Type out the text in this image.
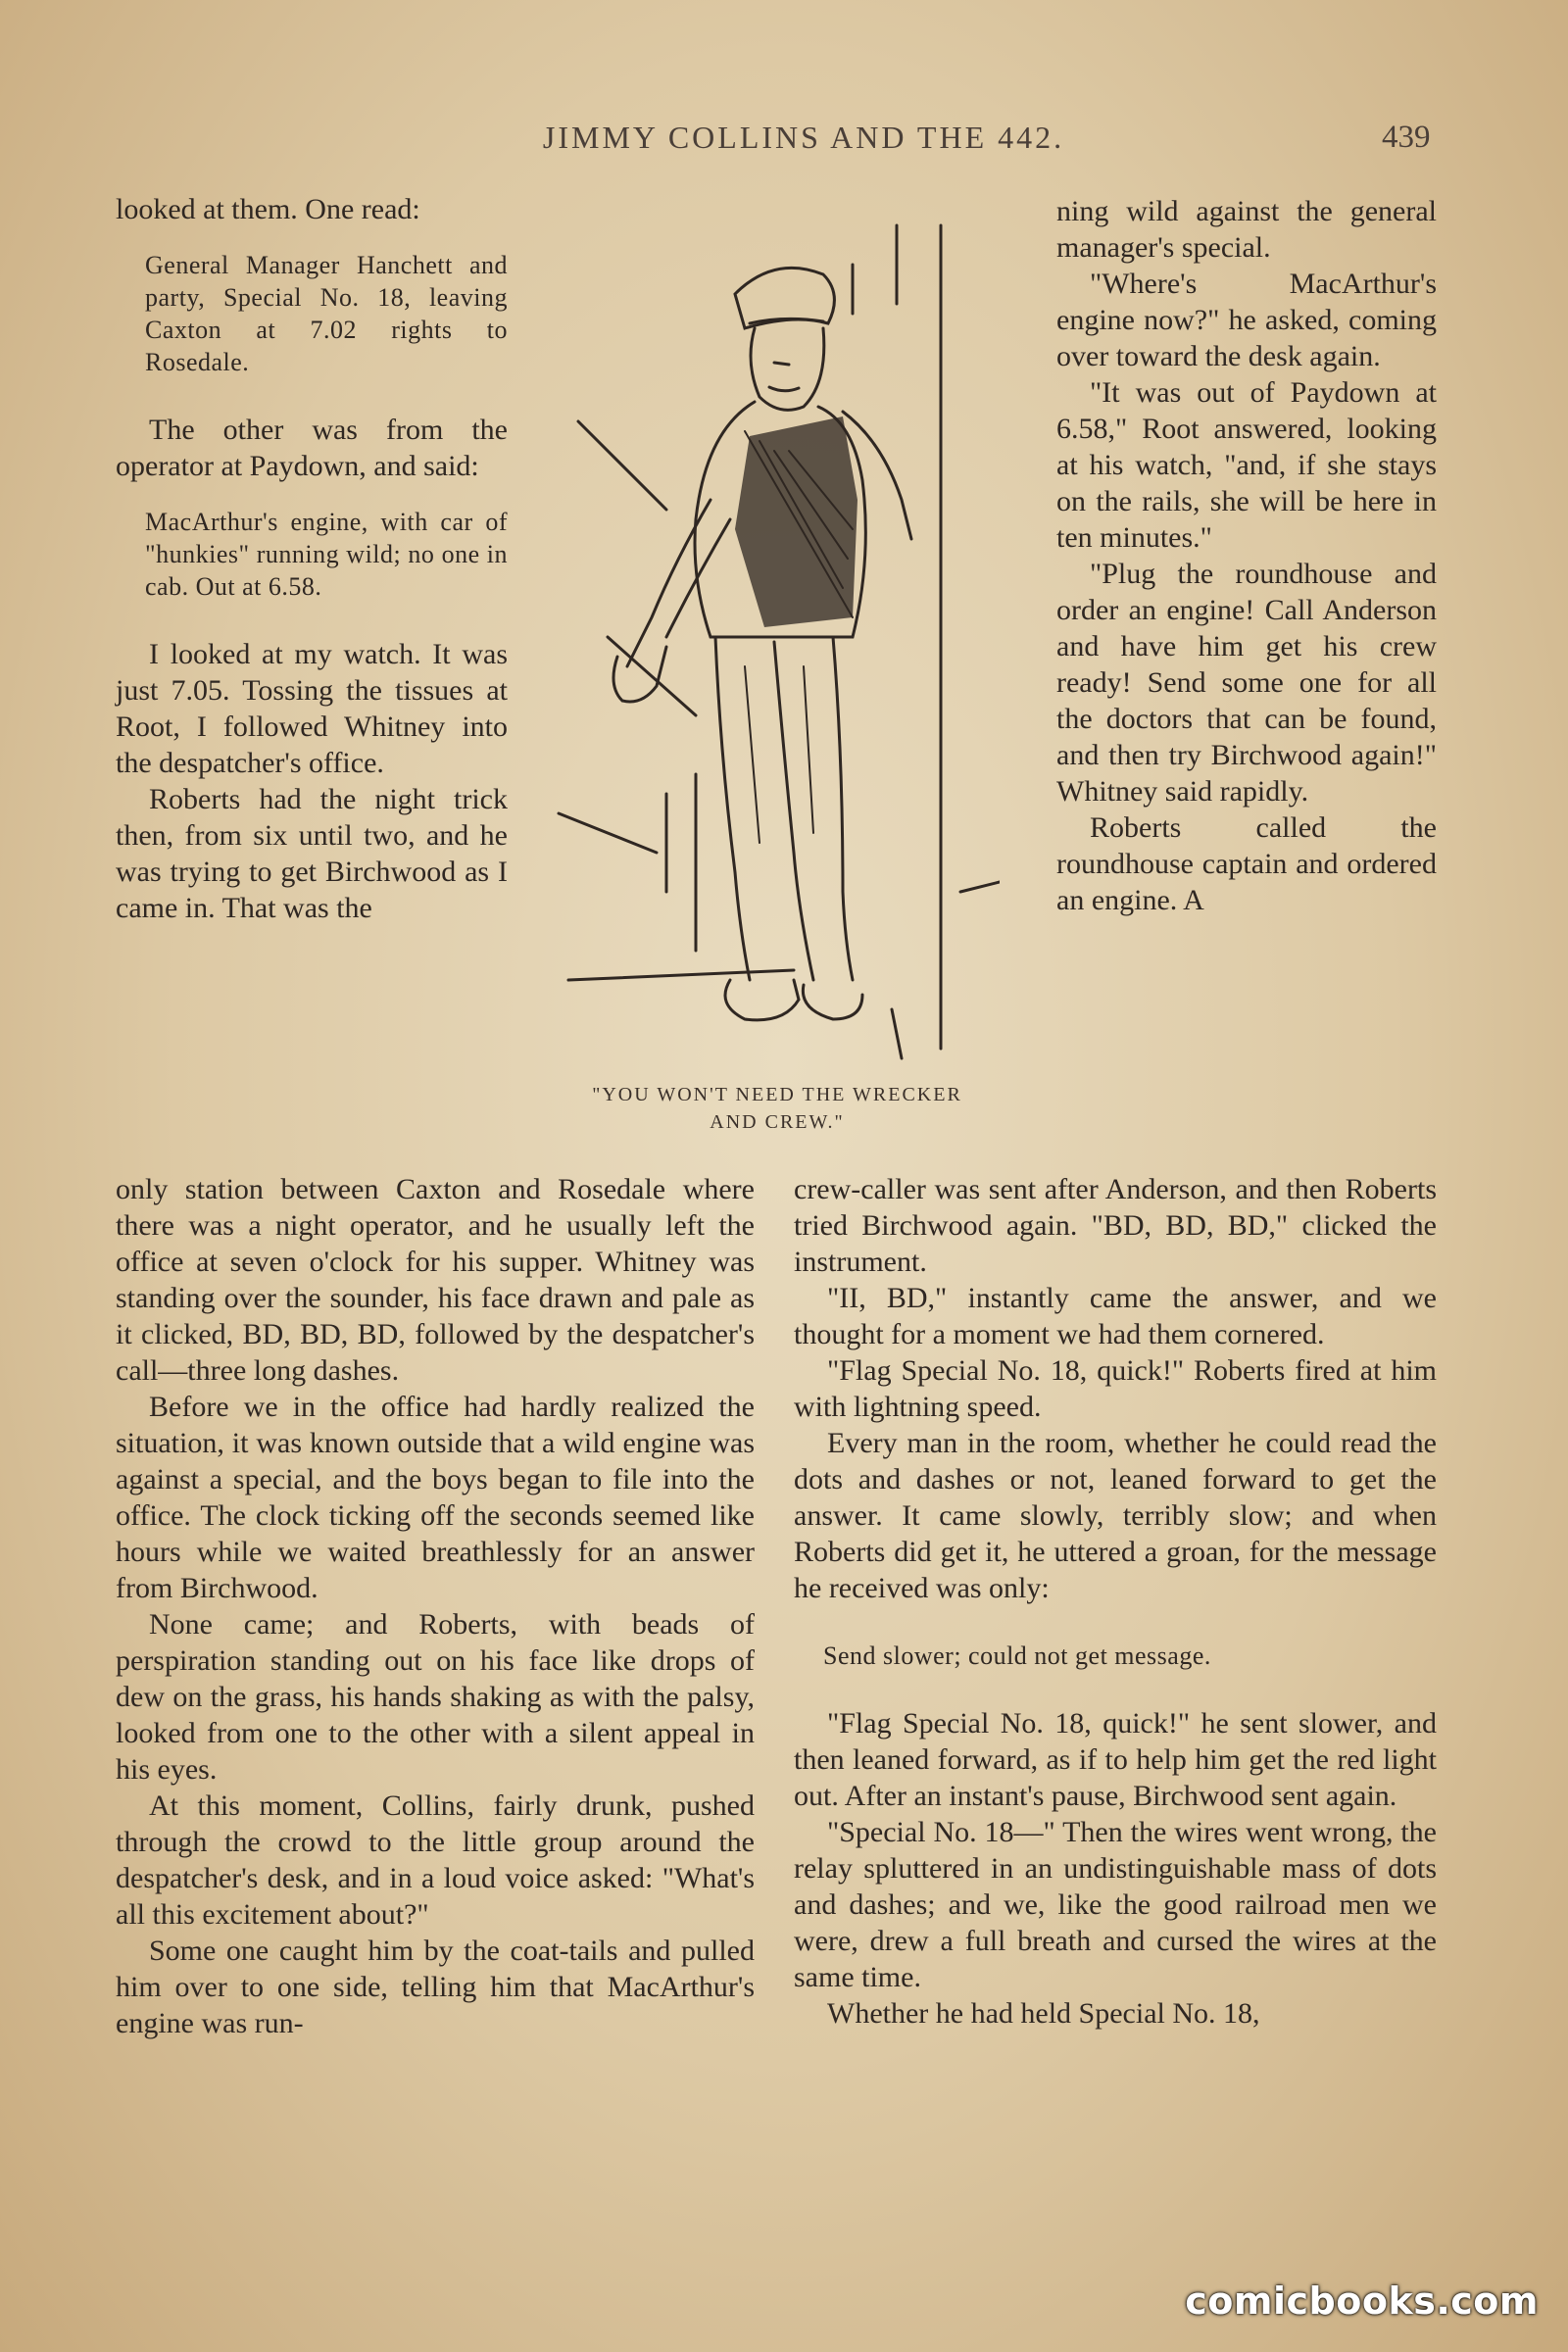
JIMMY COLLINS AND THE 442.	439

looked at them. One read:

General Manager Hanchett and party, Special No. 18, leaving Caxton at 7.02 rights to Rosedale.

The other was from the operator at Paydown, and said:

MacArthur's engine, with car of "hunkies" running wild; no one in cab. Out at 6.58.

I looked at my watch. It was just 7.05. Tossing the tissues at Root, I followed Whitney into the despatcher's office.

Roberts had the night trick then, from six until two, and he was trying to get Birchwood as I came in. That was the

"YOU WON'T NEED THE WRECKER
AND CREW."

ning wild against the general manager's special.

"Where's MacArthur's engine now?" he asked, coming over toward the desk again.

"It was out of Paydown at 6.58," Root answered, looking at his watch, "and, if she stays on the rails, she will be here in ten minutes."

"Plug the roundhouse and order an engine! Call Anderson and have him get his crew ready! Send some one for all the doctors that can be found, and then try Birchwood again!" Whitney said rapidly.

Roberts called the roundhouse captain and ordered an engine. A

only station between Caxton and Rosedale where there was a night operator, and he usually left the office at seven o'clock for his supper. Whitney was standing over the sounder, his face drawn and pale as it clicked, BD, BD, BD, followed by the despatcher's call—three long dashes.

Before we in the office had hardly realized the situation, it was known outside that a wild engine was against a special, and the boys began to file into the office. The clock ticking off the seconds seemed like hours while we waited breathlessly for an answer from Birchwood.

None came; and Roberts, with beads of perspiration standing out on his face like drops of dew on the grass, his hands shaking as with the palsy, looked from one to the other with a silent appeal in his eyes.

At this moment, Collins, fairly drunk, pushed through the crowd to the little group around the despatcher's desk, and in a loud voice asked: "What's all this excitement about?"

Some one caught him by the coat-tails and pulled him over to one side, telling him that MacArthur's engine was run-

crew-caller was sent after Anderson, and then Roberts tried Birchwood again. "BD, BD, BD," clicked the instrument.

"II, BD," instantly came the answer, and we thought for a moment we had them cornered.

"Flag Special No. 18, quick!" Roberts fired at him with lightning speed.

Every man in the room, whether he could read the dots and dashes or not, leaned forward to get the answer. It came slowly, terribly slow; and when Roberts did get it, he uttered a groan, for the message he received was only:

Send slower; could not get message.

"Flag Special No. 18, quick!" he sent slower, and then leaned forward, as if to help him get the red light out. After an instant's pause, Birchwood sent again.

"Special No. 18—" Then the wires went wrong, the relay spluttered in an undistinguishable mass of dots and dashes; and we, like the good railroad men we were, drew a full breath and cursed the wires at the same time.

Whether he had held Special No. 18,

comicbooks.com
